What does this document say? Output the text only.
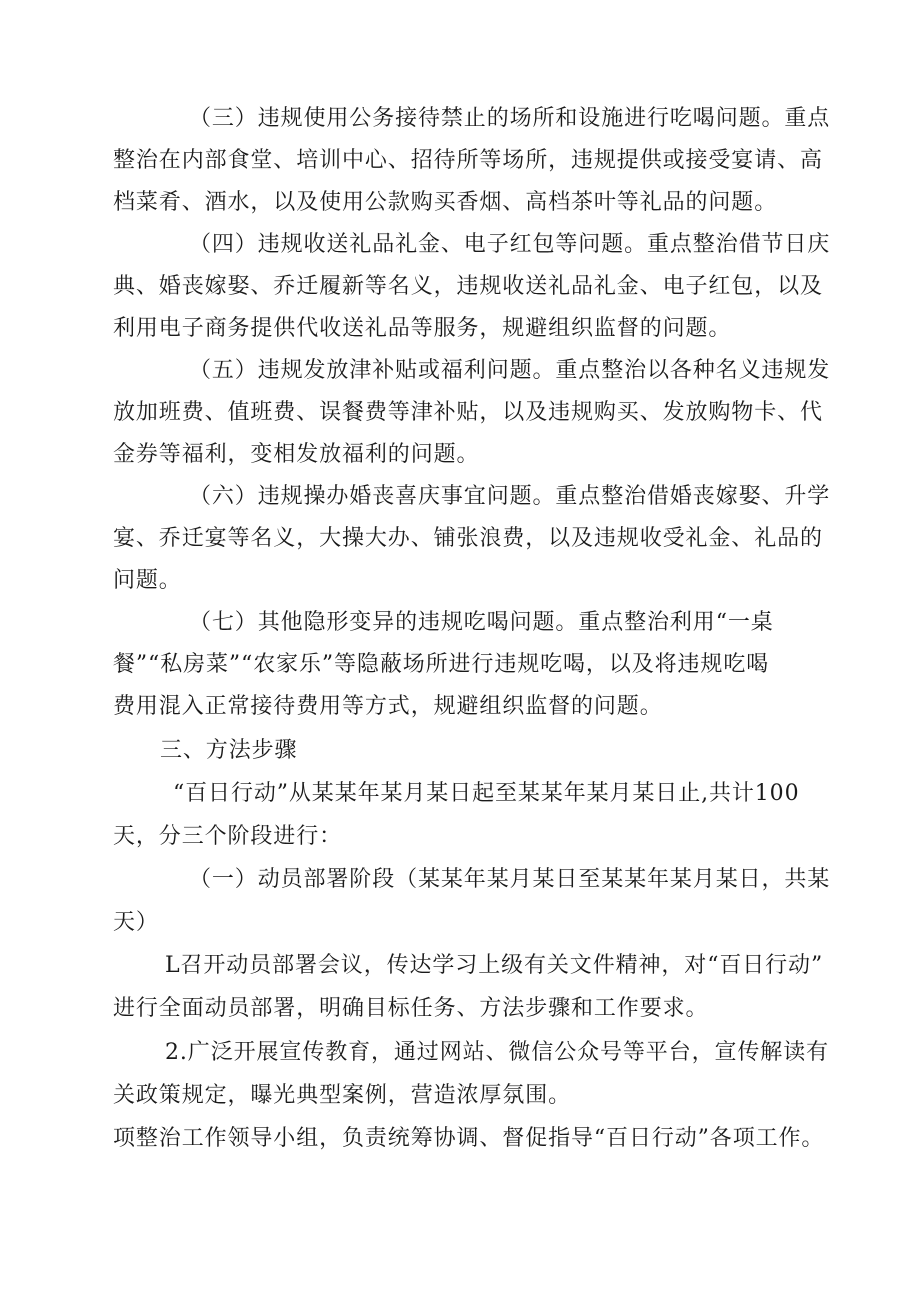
（三）违规使用公务接待禁止的场所和设施进行吃喝问题。重点
整治在内部食堂、培训中心、招待所等场所，违规提供或接受宴请、高
档菜肴、酒水，以及使用公款购买香烟、高档茶叶等礼品的问题。
（四）违规收送礼品礼金、电子红包等问题。重点整治借节日庆
典、婚丧嫁娶、乔迁履新等名义，违规收送礼品礼金、电子红包，以及
利用电子商务提供代收送礼品等服务，规避组织监督的问题。
（五）违规发放津补贴或福利问题。重点整治以各种名义违规发
放加班费、值班费、误餐费等津补贴，以及违规购买、发放购物卡、代
金券等福利，变相发放福利的问题。
（六）违规操办婚丧喜庆事宜问题。重点整治借婚丧嫁娶、升学
宴、乔迁宴等名义，大操大办、铺张浪费，以及违规收受礼金、礼品的
问题。
（七）其他隐形变异的违规吃喝问题。重点整治利用“一桌
餐”“私房菜”“农家乐”等隐蔽场所进行违规吃喝，以及将违规吃喝
费用混入正常接待费用等方式，规避组织监督的问题。
三、方法步骤
“百日行动”从某某年某月某日起至某某年某月某日止,共计100
天，分三个阶段进行：
（一）动员部署阶段（某某年某月某日至某某年某月某日，共某
天）
L召开动员部署会议，传达学习上级有关文件精神，对“百日行动”
进行全面动员部署，明确目标任务、方法步骤和工作要求。
2.广泛开展宣传教育，通过网站、微信公众号等平台，宣传解读有
关政策规定，曝光典型案例，营造浓厚氛围。
项整治工作领导小组，负责统筹协调、督促指导“百日行动”各项工作。
